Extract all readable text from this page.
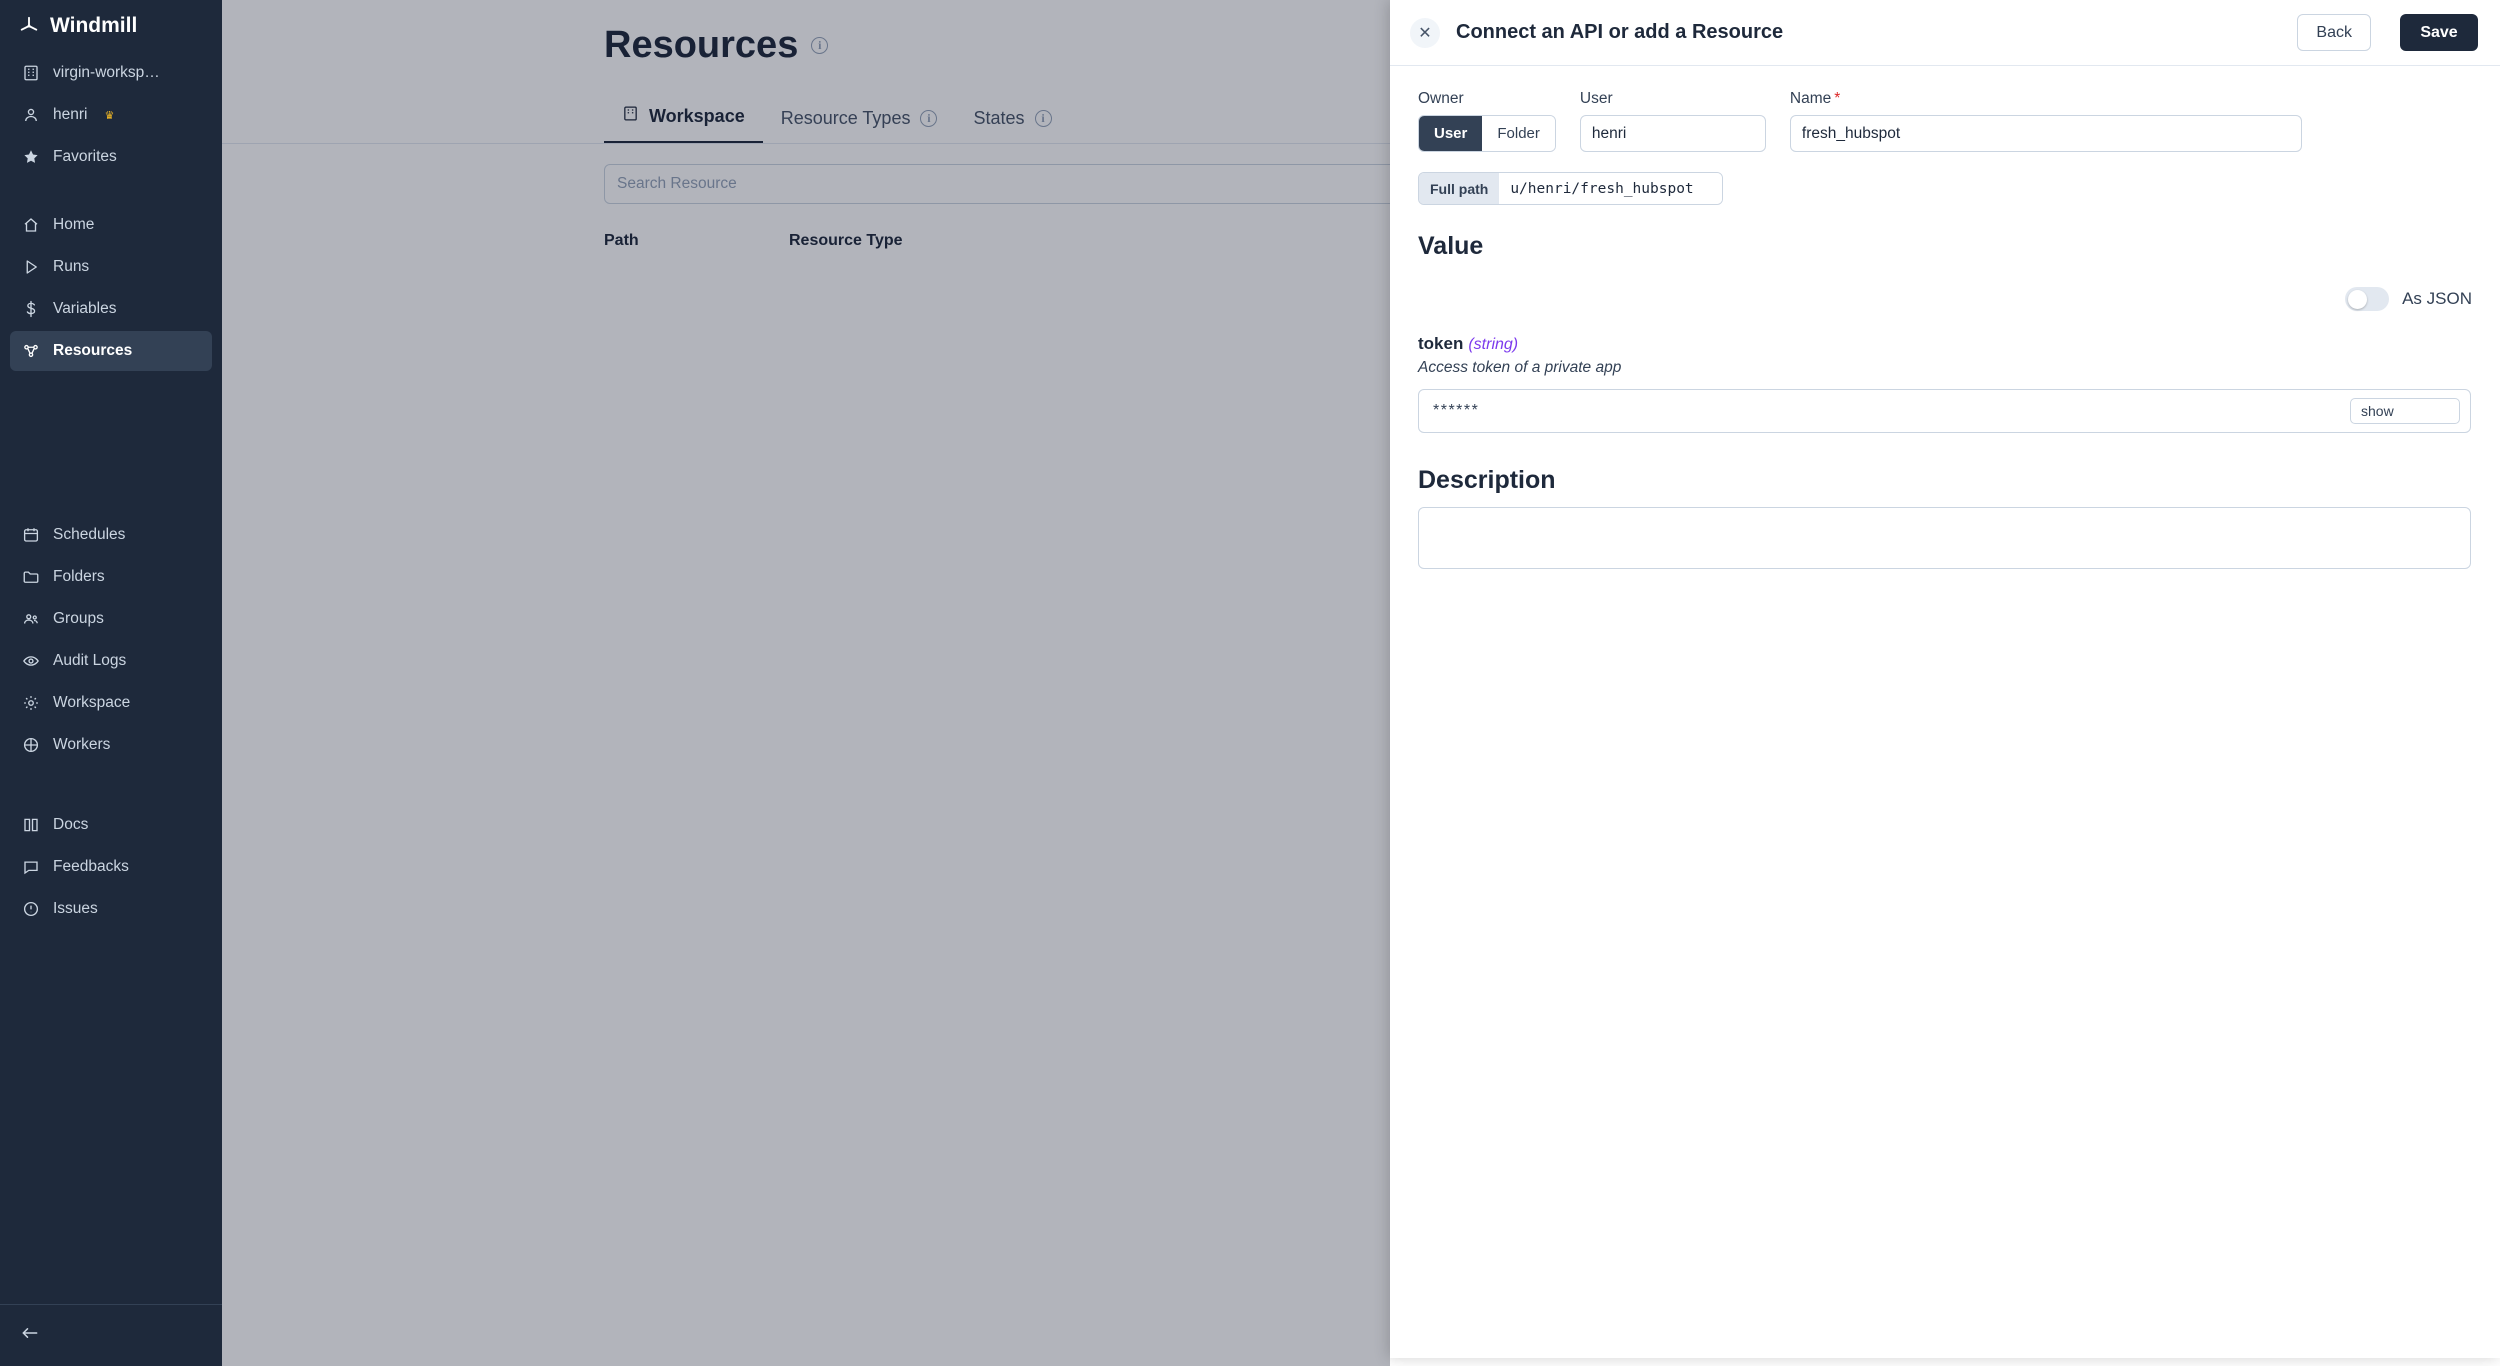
Windmill
virgin-worksp…
henri ♛
Favorites
Home
Runs
Variables
Resources
Schedules
Folders
Groups
Audit Logs
Workspace
Workers
Docs
Feedbacks
Issues
Resources	i
Workspace Resource Types	i	States	i
Search Resource
Path	Resource Type
✕	Connect an API or add a Resource	Back	Save
Owner
User	Folder
User
henri
Name *
fresh_hubspot
Full path	u/henri/fresh_hubspot
Value
As JSON
token (string)
Access token of a private app
******	show
Description
